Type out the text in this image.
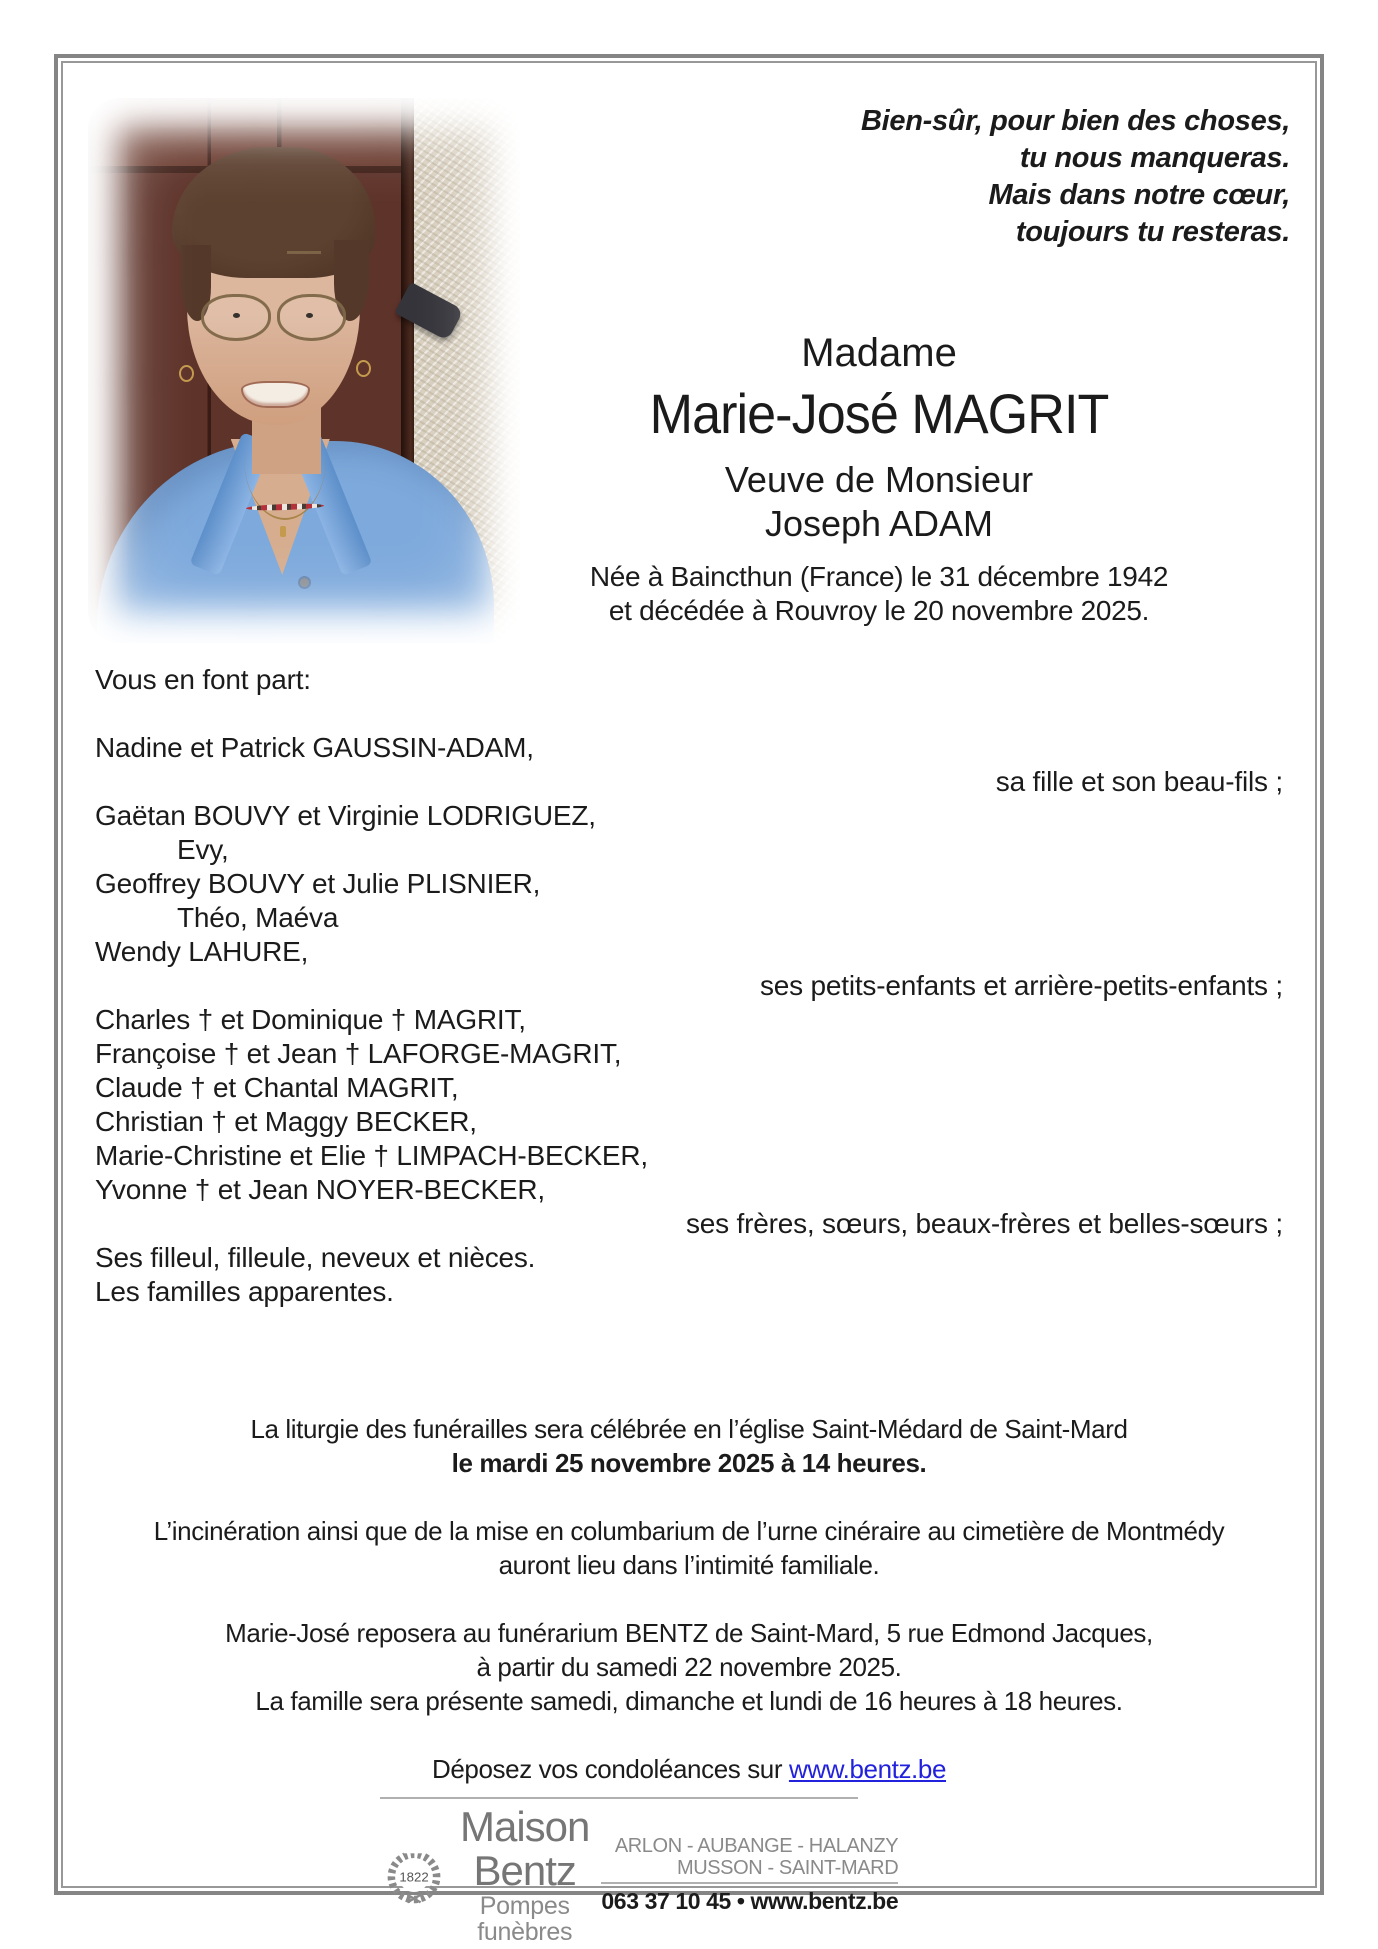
Bien-sûr, pour bien des choses,
tu nous manqueras.
Mais dans notre cœur,
toujours tu resteras.
Madame
Marie-José MAGRIT
Veuve de Monsieur
Joseph ADAM
Née à Baincthun (France) le 31 décembre 1942
et décédée à Rouvroy le 20 novembre 2025.
Vous en font part:
Nadine et Patrick GAUSSIN-ADAM,
sa fille et son beau-fils ;
Gaëtan BOUVY et Virginie LODRIGUEZ,
Evy,
Geoffrey BOUVY et Julie PLISNIER,
Théo, Maéva
Wendy LAHURE,
ses petits-enfants et arrière-petits-enfants ;
Charles † et Dominique † MAGRIT,
Françoise † et Jean † LAFORGE-MAGRIT,
Claude † et Chantal MAGRIT,
Christian † et Maggy BECKER,
Marie-Christine et Elie † LIMPACH-BECKER,
Yvonne † et Jean NOYER-BECKER,
ses frères, sœurs, beaux-frères et belles-sœurs ;
Ses filleul, filleule, neveux et nièces.
Les familles apparentes.

La liturgie des funérailles sera célébrée en l’église Saint-Médard de Saint-Mard

le mardi 25 novembre 2025 à 14 heures.

L’incinération ainsi que de la mise en columbarium de l’urne cinéraire au cimetière de Montmédy

auront lieu dans l’intimité familiale.

Marie-José reposera au funérarium BENTZ de Saint-Mard, 5 rue Edmond Jacques,

à partir du samedi 22 novembre 2025.

La famille sera présente samedi, dimanche et lundi de 16 heures à 18 heures.

Déposez vos condoléances sur www.bentz.be

1822
Maison Bentz
Pompes funèbres
ARLON - AUBANGE - HALANZY
MUSSON - SAINT-MARD
063 37 10 45 • www.bentz.be
